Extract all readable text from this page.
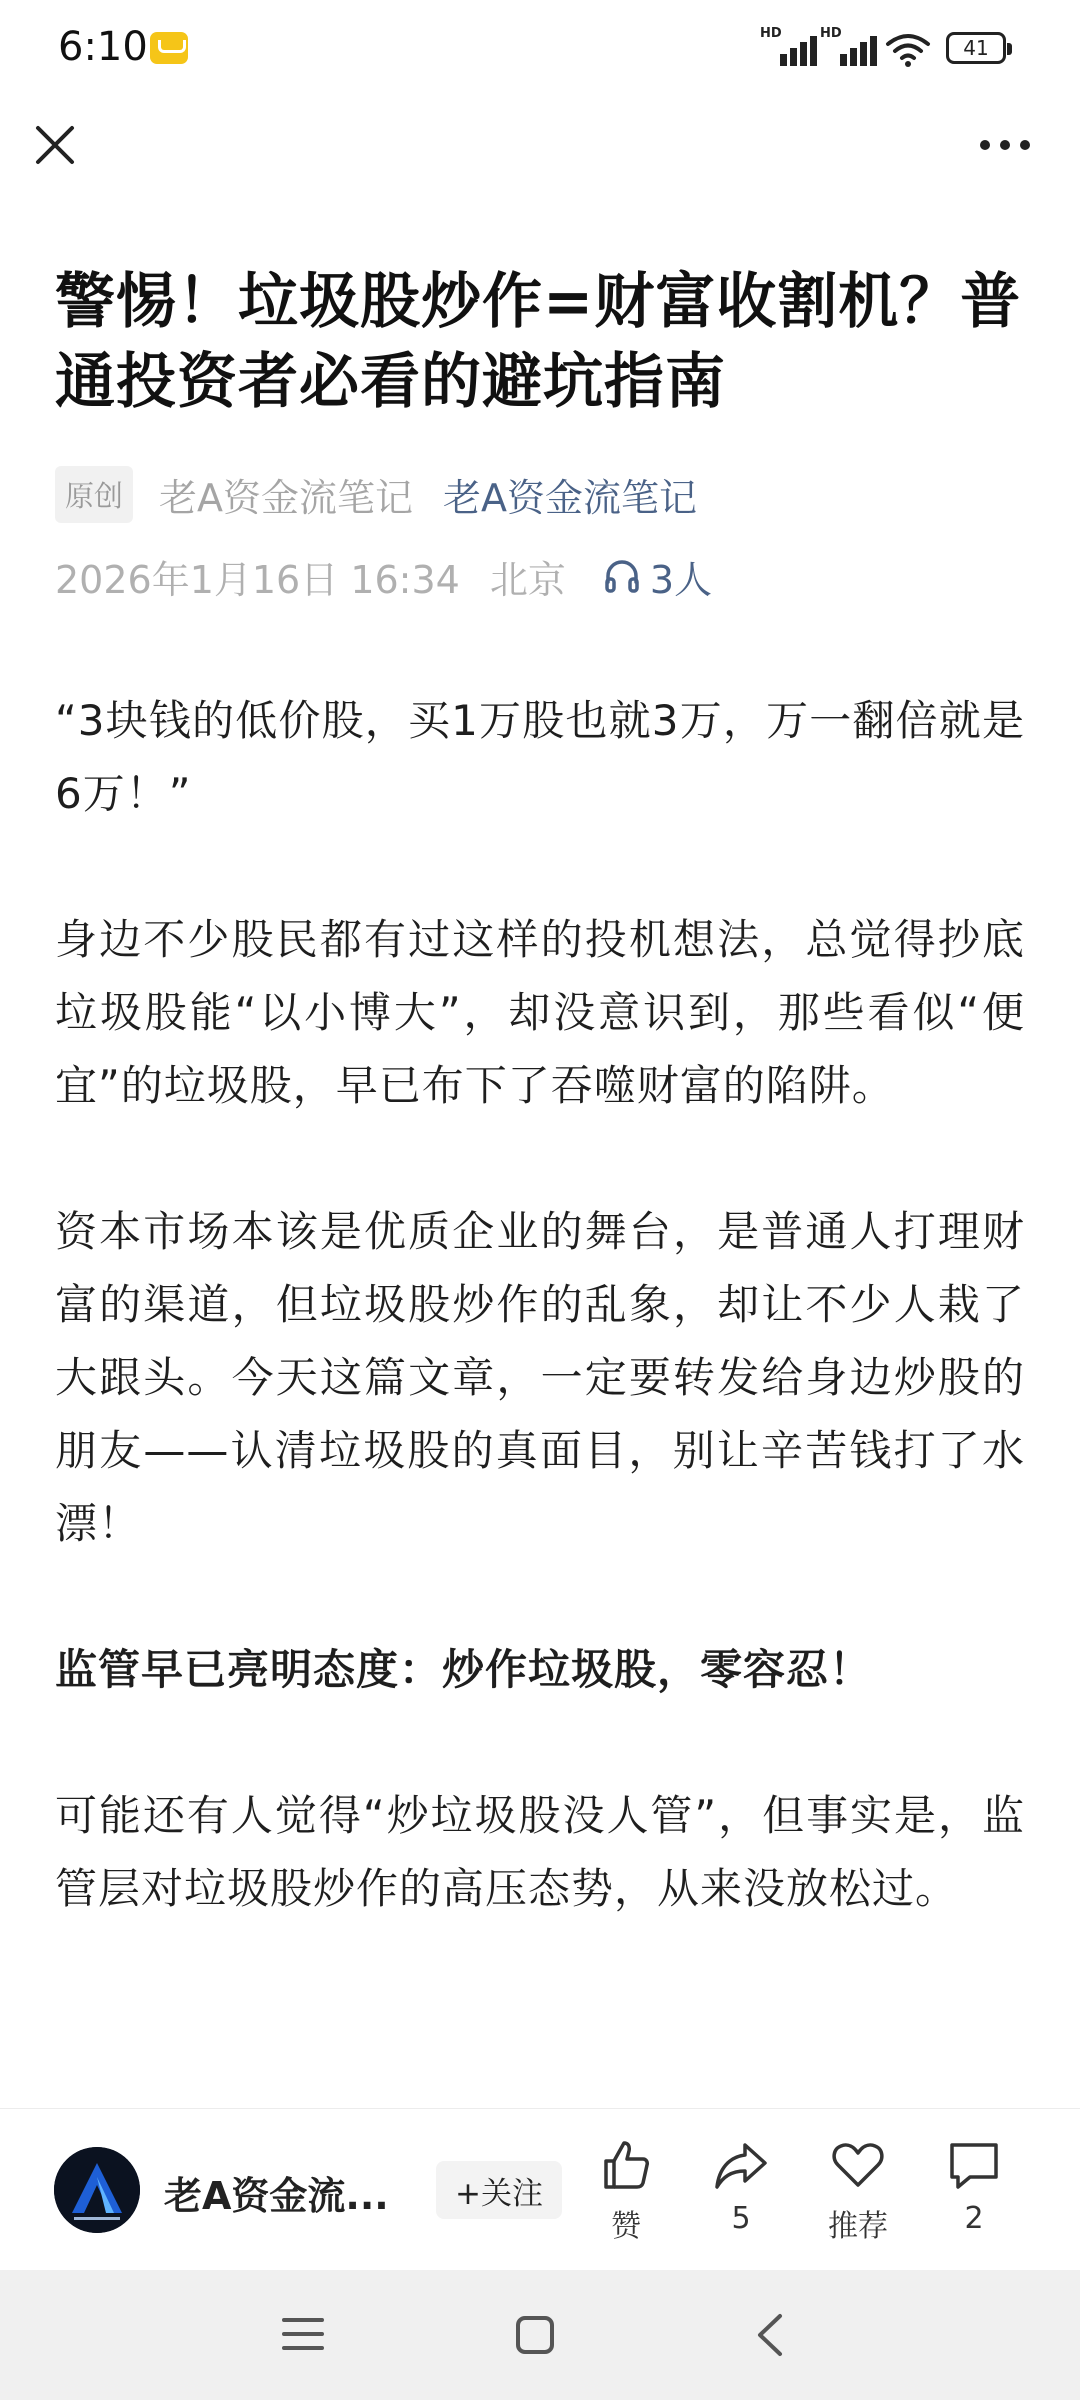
6:10	HD	HD
41
警惕！垃圾股炒作=财富收割机？普通投资者必看的避坑指南
原创 老A资金流笔记 老A资金流笔记
2026年1月16日 16:34 北京 3人

“3块钱的低价股，买1万股也就3万，万一翻倍就是6万！”

身边不少股民都有过这样的投机想法，总觉得抄底垃圾股能“以小博大”，却没意识到，那些看似“便宜”的垃圾股，早已布下了吞噬财富的陷阱。

资本市场本该是优质企业的舞台，是普通人打理财富的渠道，但垃圾股炒作的乱象，却让不少人栽了大跟头。今天这篇文章，一定要转发给身边炒股的朋友——认清垃圾股的真面目，别让辛苦钱打了水漂！

监管早已亮明态度：炒作垃圾股，零容忍！

可能还有人觉得“炒垃圾股没人管”，但事实是，监管层对垃圾股炒作的高压态势，从来没放松过。

老A资金流...	+关注
赞	5	推荐	2
